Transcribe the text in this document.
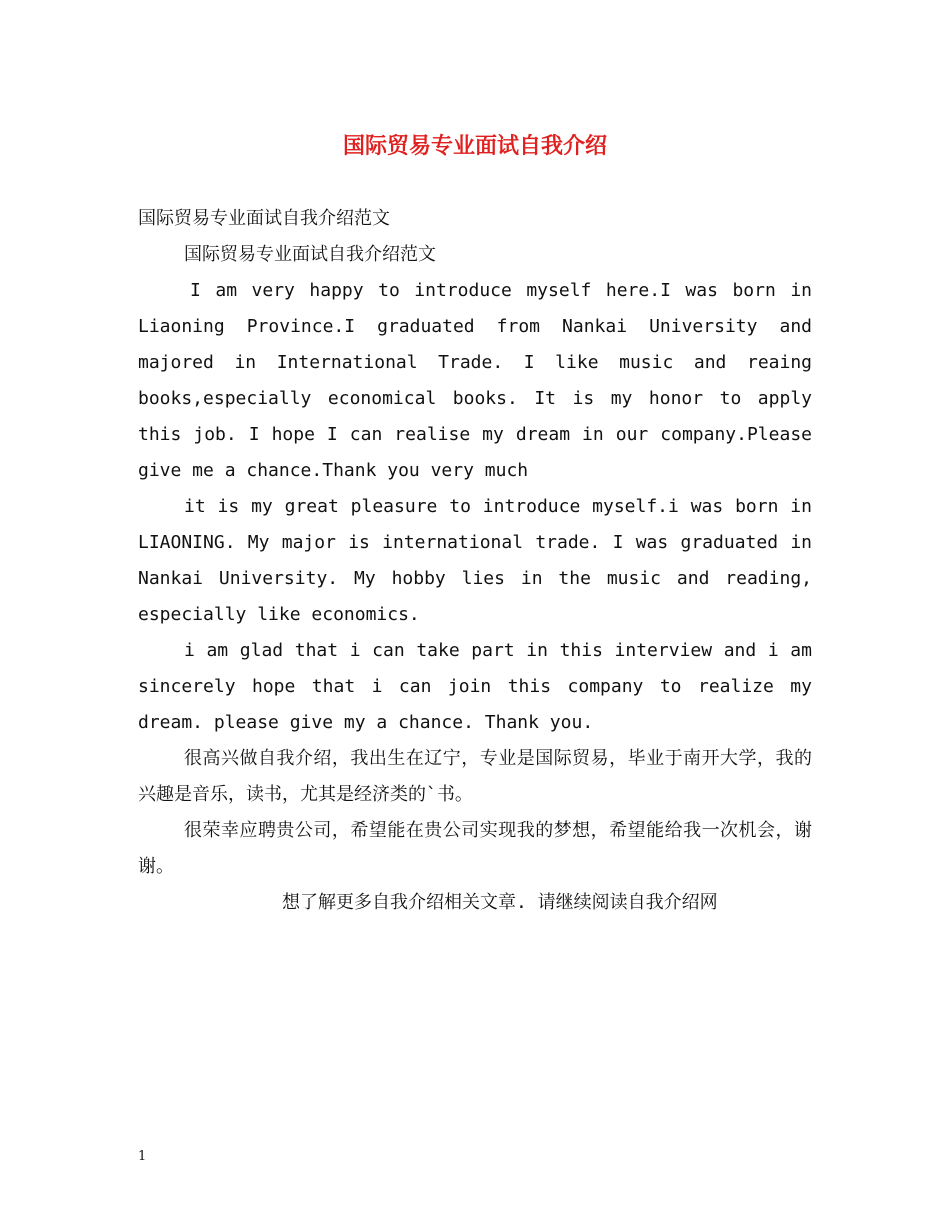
国际贸易专业面试自我介绍

国际贸易专业面试自我介绍范文

国际贸易专业面试自我介绍范文

I am very happy to introduce myself here.I was born in Liaoning Province.I graduated from Nankai University and majored in International Trade. I like music and reaing books,especially economical books. It is my honor to apply this job. I hope I can realise my dream in our company.Please give me a chance.Thank you very much

it is my great pleasure to introduce myself.i was born in LIAONING. My major is international trade. I was graduated in Nankai University. My hobby lies in the music and reading, especially like economics.

i am glad that i can take part in this interview and i am sincerely hope that i can join this company to realize my dream. please give my a chance. Thank you.

很高兴做自我介绍，我出生在辽宁，专业是国际贸易，毕业于南开大学，我的兴趣是音乐，读书，尤其是经济类的`书。

很荣幸应聘贵公司，希望能在贵公司实现我的梦想，希望能给我一次机会，谢谢。

想了解更多自我介绍相关文章. 请继续阅读自我介绍网

1
